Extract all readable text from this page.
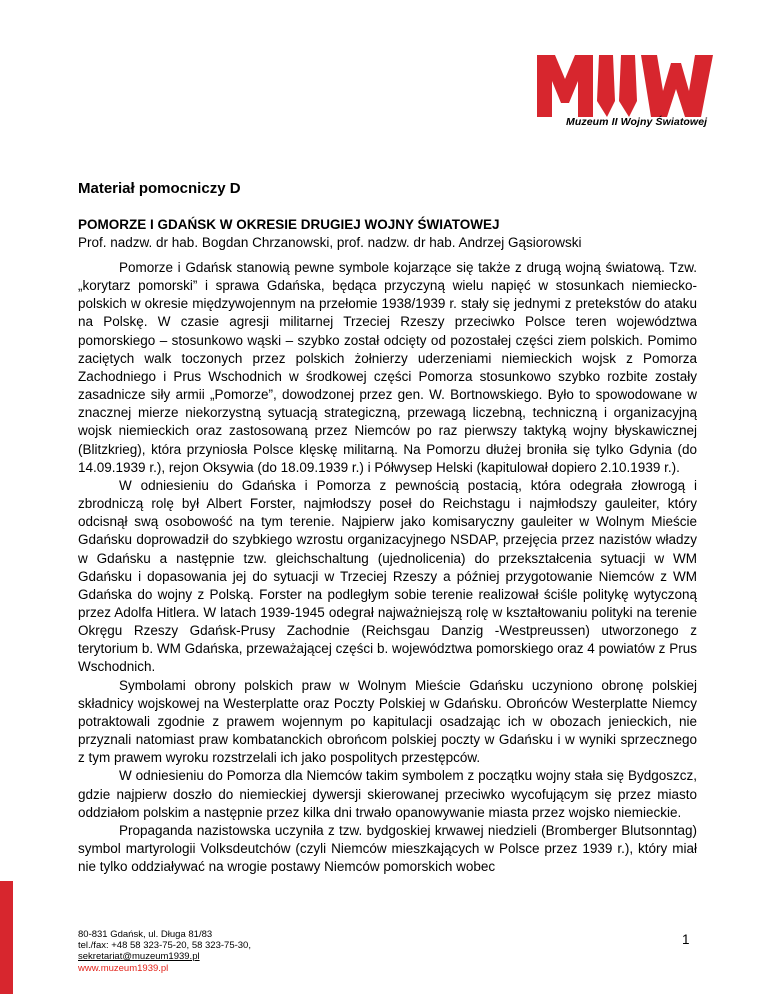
Muzeum II Wojny Światowej
Materiał pomocniczy D
POMORZE I GDAŃSK W OKRESIE DRUGIEJ WOJNY ŚWIATOWEJ
Prof. nadzw. dr hab. Bogdan Chrzanowski, prof. nadzw. dr hab. Andrzej Gąsiorowski

Pomorze i Gdańsk stanowią pewne symbole kojarzące się także z drugą wojną światową. Tzw. „korytarz pomorski” i sprawa Gdańska, będąca przyczyną wielu napięć w stosunkach niemiecko-polskich w okresie międzywojennym na przełomie 1938/1939 r. stały się jednymi z pretekstów do ataku na Polskę. W czasie agresji militarnej Trzeciej Rzeszy przeciwko Polsce teren województwa pomorskiego – stosunkowo wąski – szybko został odcięty od pozostałej części ziem polskich. Pomimo zaciętych walk toczonych przez polskich żołnierzy uderzeniami niemieckich wojsk z Pomorza Zachodniego i Prus Wschodnich w środkowej części Pomorza stosunkowo szybko rozbite zostały zasadnicze siły armii „Pomorze”, dowodzonej przez gen. W. Bortnowskiego. Było to spowodowane w znacznej mierze niekorzystną sytuacją strategiczną, przewagą liczebną, techniczną i organizacyjną wojsk niemieckich oraz zastosowaną przez Niemców po raz pierwszy taktyką wojny błyskawicznej (Blitzkrieg), która przyniosła Polsce klęskę militarną. Na Pomorzu dłużej broniła się tylko Gdynia (do 14.09.1939 r.), rejon Oksywia (do 18.09.1939 r.) i Półwysep Helski (kapitulował dopiero 2.10.1939 r.).

W odniesieniu do Gdańska i Pomorza z pewnością postacią, która odegrała złowrogą i zbrodniczą rolę był Albert Forster, najmłodszy poseł do Reichstagu i najmłodszy gauleiter, który odcisnął swą osobowość na tym terenie. Najpierw jako komisaryczny gauleiter w Wolnym Mieście Gdańsku doprowadził do szybkiego wzrostu organizacyjnego NSDAP, przejęcia przez nazistów władzy w Gdańsku a następnie tzw. gleichschaltung (ujednolicenia) do przekształcenia sytuacji w WM Gdańsku i dopasowania jej do sytuacji w Trzeciej Rzeszy a później przygotowanie Niemców z WM Gdańska do wojny z Polską. Forster na podległym sobie terenie realizował ściśle politykę wytyczoną przez Adolfa Hitlera. W latach 1939-1945 odegrał najważniejszą rolę w kształtowaniu polityki na terenie Okręgu Rzeszy Gdańsk-Prusy Zachodnie (Reichsgau Danzig -Westpreussen) utworzonego z terytorium b. WM Gdańska, przeważającej części b. województwa pomorskiego oraz 4 powiatów z Prus Wschodnich.

Symbolami obrony polskich praw w Wolnym Mieście Gdańsku uczyniono obronę polskiej składnicy wojskowej na Westerplatte oraz Poczty Polskiej w Gdańsku. Obrońców Westerplatte Niemcy potraktowali zgodnie z prawem wojennym po kapitulacji osadzając ich w obozach jenieckich, nie przyznali natomiast praw kombatanckich obrońcom polskiej poczty w Gdańsku i w wyniki sprzecznego z tym prawem wyroku rozstrzelali ich jako pospolitych przestępców.

W odniesieniu do Pomorza dla Niemców takim symbolem z początku wojny stała się Bydgoszcz, gdzie najpierw doszło do niemieckiej dywersji skierowanej przeciwko wycofującym się przez miasto oddziałom polskim a następnie przez kilka dni trwało opanowywanie miasta przez wojsko niemieckie.

Propaganda nazistowska uczyniła z tzw. bydgoskiej krwawej niedzieli (Bromberger Blutsonntag) symbol martyrologii Volksdeutchów (czyli Niemców mieszkających w Polsce przez 1939 r.), który miał nie tylko oddziaływać na wrogie postawy Niemców pomorskich wobec

80-831 Gdańsk, ul. Długa 81/83
tel./fax: +48 58 323-75-20, 58 323-75-30,
sekretariat@muzeum1939.pl
www.muzeum1939.pl
1
